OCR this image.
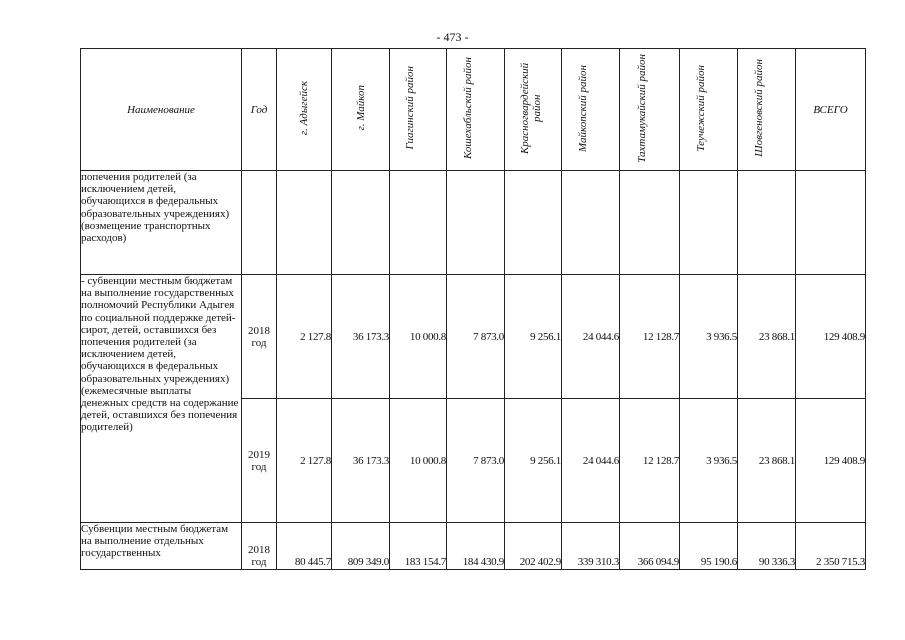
- 473 -
Наименование	Год	г. Адыгейск	г. Майкоп	Гиагинский район	Кошехабльский район	Красногвардейский район	Майкопский район	Тахтамукайский район	Теучежский район	Шовгеновский район	ВСЕГО
попечения родителей (за исключением детей, обучающихся в федеральных образовательных учреждениях) (возмещение транспортных расходов)											
- субвенции местным бюджетам на выполнение государственных полномочий Республики Адыгея по социальной поддержке детей-сирот, детей, оставшихся без попечения родителей (за исключением детей, обучающихся в федеральных образовательных учреждениях) (ежемесячные выплаты денежных средств на содержание детей, оставшихся без попечения родителей)	2018 год	2 127.8	36 173.3	10 000.8	7 873.0	9 256.1	24 044.6	12 128.7	3 936.5	23 868.1	129 408.9
	2019 год	2 127.8	36 173.3	10 000.8	7 873.0	9 256.1	24 044.6	12 128.7	3 936.5	23 868.1	129 408.9
Субвенции местным бюджетам на выполнение отдельных государственных	2018 год	80 445.7	809 349.0	183 154.7	184 430.9	202 402.9	339 310.3	366 094.9	95 190.6	90 336.3	2 350 715.3
